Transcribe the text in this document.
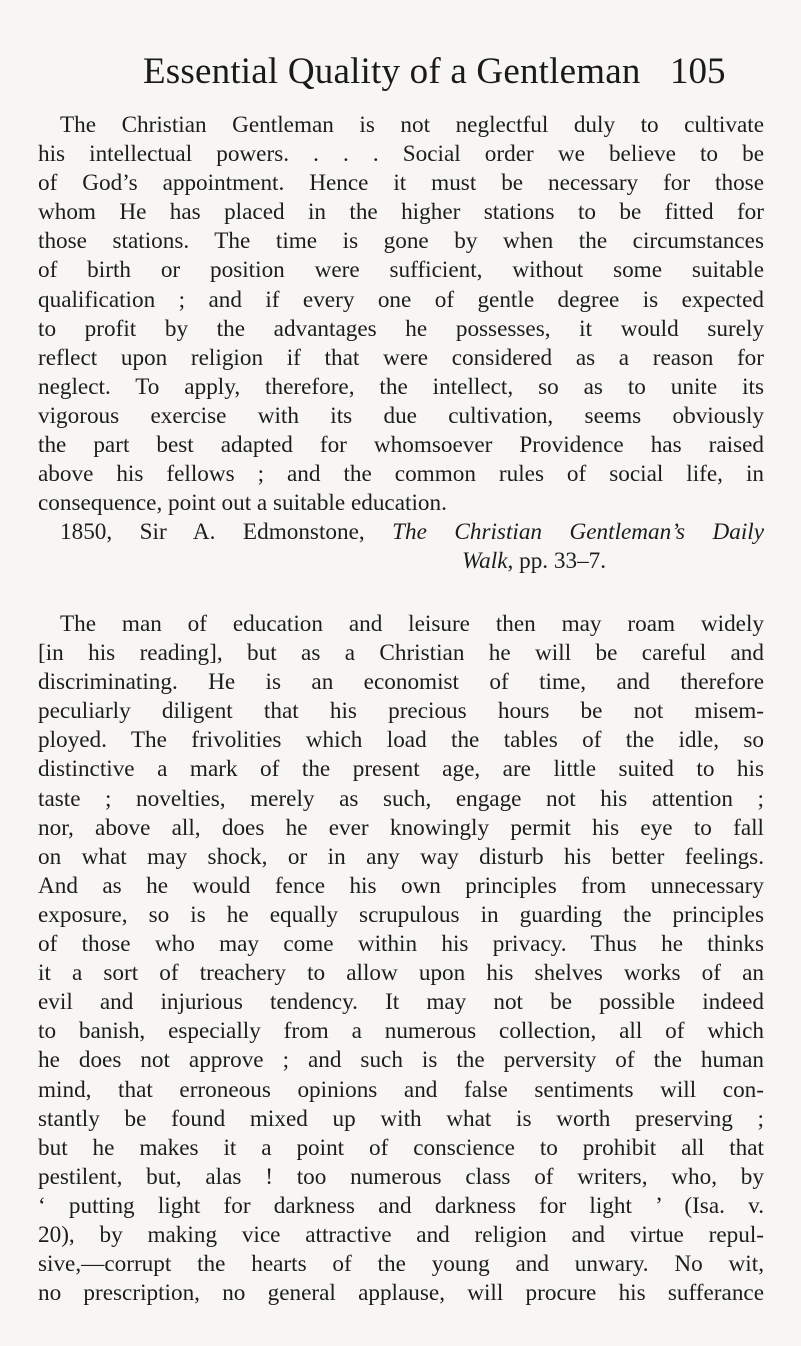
Essential Quality of a Gentleman 105
The Christian Gentleman is not neglectful duly to cultivate
his intellectual powers. . . . Social order we believe to be
of God’s appointment. Hence it must be necessary for those
whom He has placed in the higher stations to be fitted for
those stations. The time is gone by when the circumstances
of birth or position were sufficient, without some suitable
qualification ; and if every one of gentle degree is expected
to profit by the advantages he possesses, it would surely
reflect upon religion if that were considered as a reason for
neglect. To apply, therefore, the intellect, so as to unite its
vigorous exercise with its due cultivation, seems obviously
the part best adapted for whomsoever Providence has raised
above his fellows ; and the common rules of social life, in
consequence, point out a suitable education.
1850, Sir A. Edmonstone, The Christian Gentleman’s Daily
Walk, pp. 33–7.
The man of education and leisure then may roam widely
[in his reading], but as a Christian he will be careful and
discriminating. He is an economist of time, and therefore
peculiarly diligent that his precious hours be not misem-
ployed. The frivolities which load the tables of the idle, so
distinctive a mark of the present age, are little suited to his
taste ; novelties, merely as such, engage not his attention ;
nor, above all, does he ever knowingly permit his eye to fall
on what may shock, or in any way disturb his better feelings.
And as he would fence his own principles from unnecessary
exposure, so is he equally scrupulous in guarding the principles
of those who may come within his privacy. Thus he thinks
it a sort of treachery to allow upon his shelves works of an
evil and injurious tendency. It may not be possible indeed
to banish, especially from a numerous collection, all of which
he does not approve ; and such is the perversity of the human
mind, that erroneous opinions and false sentiments will con-
stantly be found mixed up with what is worth preserving ;
but he makes it a point of conscience to prohibit all that
pestilent, but, alas ! too numerous class of writers, who, by
‘ putting light for darkness and darkness for light ’ (Isa. v.
20), by making vice attractive and religion and virtue repul-
sive,—corrupt the hearts of the young and unwary. No wit,
no prescription, no general applause, will procure his sufferance
